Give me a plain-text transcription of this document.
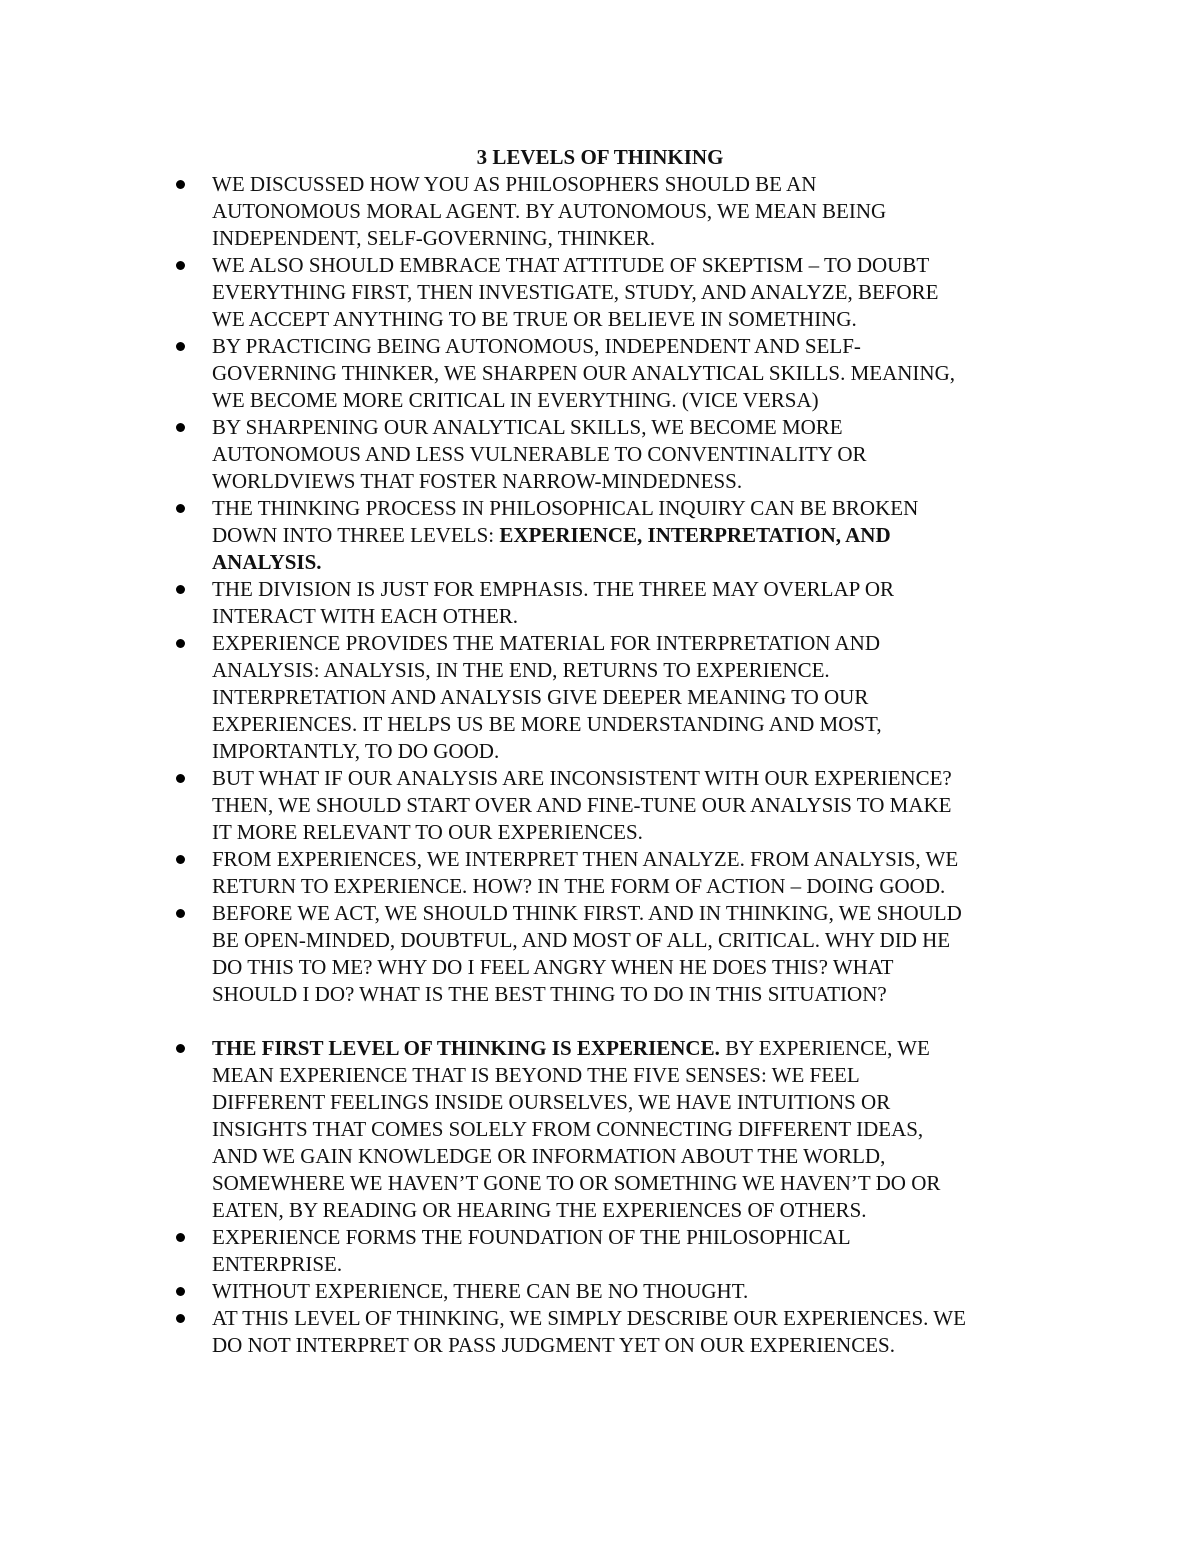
3 LEVELS OF THINKING
WE DISCUSSED HOW YOU AS PHILOSOPHERS SHOULD BE AN
AUTONOMOUS MORAL AGENT. BY AUTONOMOUS, WE MEAN BEING
INDEPENDENT, SELF-GOVERNING, THINKER.
WE ALSO SHOULD EMBRACE THAT ATTITUDE OF SKEPTISM – TO DOUBT
EVERYTHING FIRST, THEN INVESTIGATE, STUDY, AND ANALYZE, BEFORE
WE ACCEPT ANYTHING TO BE TRUE OR BELIEVE IN SOMETHING.
BY PRACTICING BEING AUTONOMOUS, INDEPENDENT AND SELF-
GOVERNING THINKER, WE SHARPEN OUR ANALYTICAL SKILLS. MEANING,
WE BECOME MORE CRITICAL IN EVERYTHING. (VICE VERSA)
BY SHARPENING OUR ANALYTICAL SKILLS, WE BECOME MORE
AUTONOMOUS AND LESS VULNERABLE TO CONVENTINALITY OR
WORLDVIEWS THAT FOSTER NARROW-MINDEDNESS.
THE THINKING PROCESS IN PHILOSOPHICAL INQUIRY CAN BE BROKEN
DOWN INTO THREE LEVELS: EXPERIENCE, INTERPRETATION, AND
ANALYSIS.
THE DIVISION IS JUST FOR EMPHASIS. THE THREE MAY OVERLAP OR
INTERACT WITH EACH OTHER.
EXPERIENCE PROVIDES THE MATERIAL FOR INTERPRETATION AND
ANALYSIS: ANALYSIS, IN THE END, RETURNS TO EXPERIENCE.
INTERPRETATION AND ANALYSIS GIVE DEEPER MEANING TO OUR
EXPERIENCES. IT HELPS US BE MORE UNDERSTANDING AND MOST,
IMPORTANTLY, TO DO GOOD.
BUT WHAT IF OUR ANALYSIS ARE INCONSISTENT WITH OUR EXPERIENCE?
THEN, WE SHOULD START OVER AND FINE-TUNE OUR ANALYSIS TO MAKE
IT MORE RELEVANT TO OUR EXPERIENCES.
FROM EXPERIENCES, WE INTERPRET THEN ANALYZE. FROM ANALYSIS, WE
RETURN TO EXPERIENCE. HOW? IN THE FORM OF ACTION – DOING GOOD.
BEFORE WE ACT, WE SHOULD THINK FIRST. AND IN THINKING, WE SHOULD
BE OPEN-MINDED, DOUBTFUL, AND MOST OF ALL, CRITICAL. WHY DID HE
DO THIS TO ME? WHY DO I FEEL ANGRY WHEN HE DOES THIS? WHAT
SHOULD I DO? WHAT IS THE BEST THING TO DO IN THIS SITUATION?
THE FIRST LEVEL OF THINKING IS EXPERIENCE. BY EXPERIENCE, WE
MEAN EXPERIENCE THAT IS BEYOND THE FIVE SENSES: WE FEEL
DIFFERENT FEELINGS INSIDE OURSELVES, WE HAVE INTUITIONS OR
INSIGHTS THAT COMES SOLELY FROM CONNECTING DIFFERENT IDEAS,
AND WE GAIN KNOWLEDGE OR INFORMATION ABOUT THE WORLD,
SOMEWHERE WE HAVEN’T GONE TO OR SOMETHING WE HAVEN’T DO OR
EATEN, BY READING OR HEARING THE EXPERIENCES OF OTHERS.
EXPERIENCE FORMS THE FOUNDATION OF THE PHILOSOPHICAL
ENTERPRISE.
WITHOUT EXPERIENCE, THERE CAN BE NO THOUGHT.
AT THIS LEVEL OF THINKING, WE SIMPLY DESCRIBE OUR EXPERIENCES. WE
DO NOT INTERPRET OR PASS JUDGMENT YET ON OUR EXPERIENCES.
